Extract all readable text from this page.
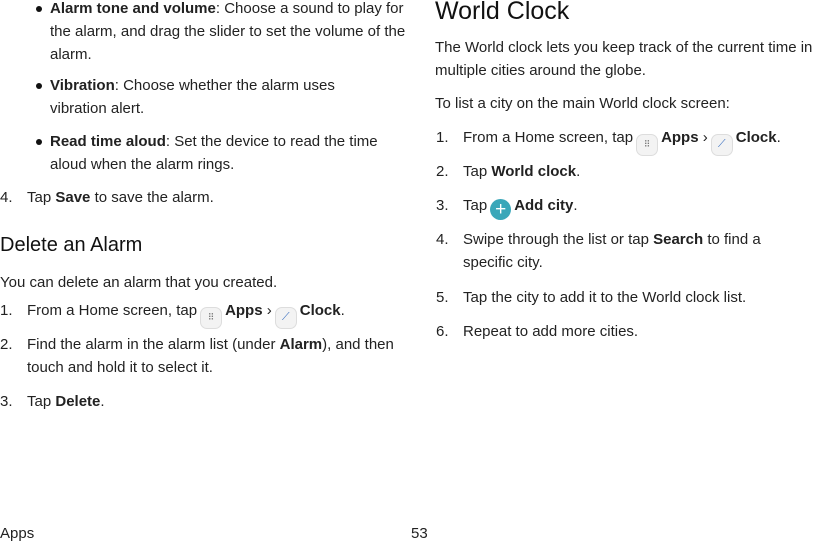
Alarm tone and volume: Choose a sound to play for the alarm, and drag the slider to set the volume of the alarm.
Vibration: Choose whether the alarm uses vibration alert.
Read time aloud: Set the device to read the time aloud when the alarm rings.
4. Tap Save to save the alarm.
Delete an Alarm
You can delete an alarm that you created.
1. From a Home screen, tap ⠿ Apps › ⟋ Clock.
2. Find the alarm in the alarm list (under Alarm), and then touch and hold it to select it.
3. Tap Delete.
World Clock
The World clock lets you keep track of the current time in multiple cities around the globe.
To list a city on the main World clock screen:
1. From a Home screen, tap ⠿ Apps › ⟋ Clock.
2. Tap World clock.
3. Tap + Add city.
4. Swipe through the list or tap Search to find a specific city.
5. Tap the city to add it to the World clock list.
6. Repeat to add more cities.
Apps	53
